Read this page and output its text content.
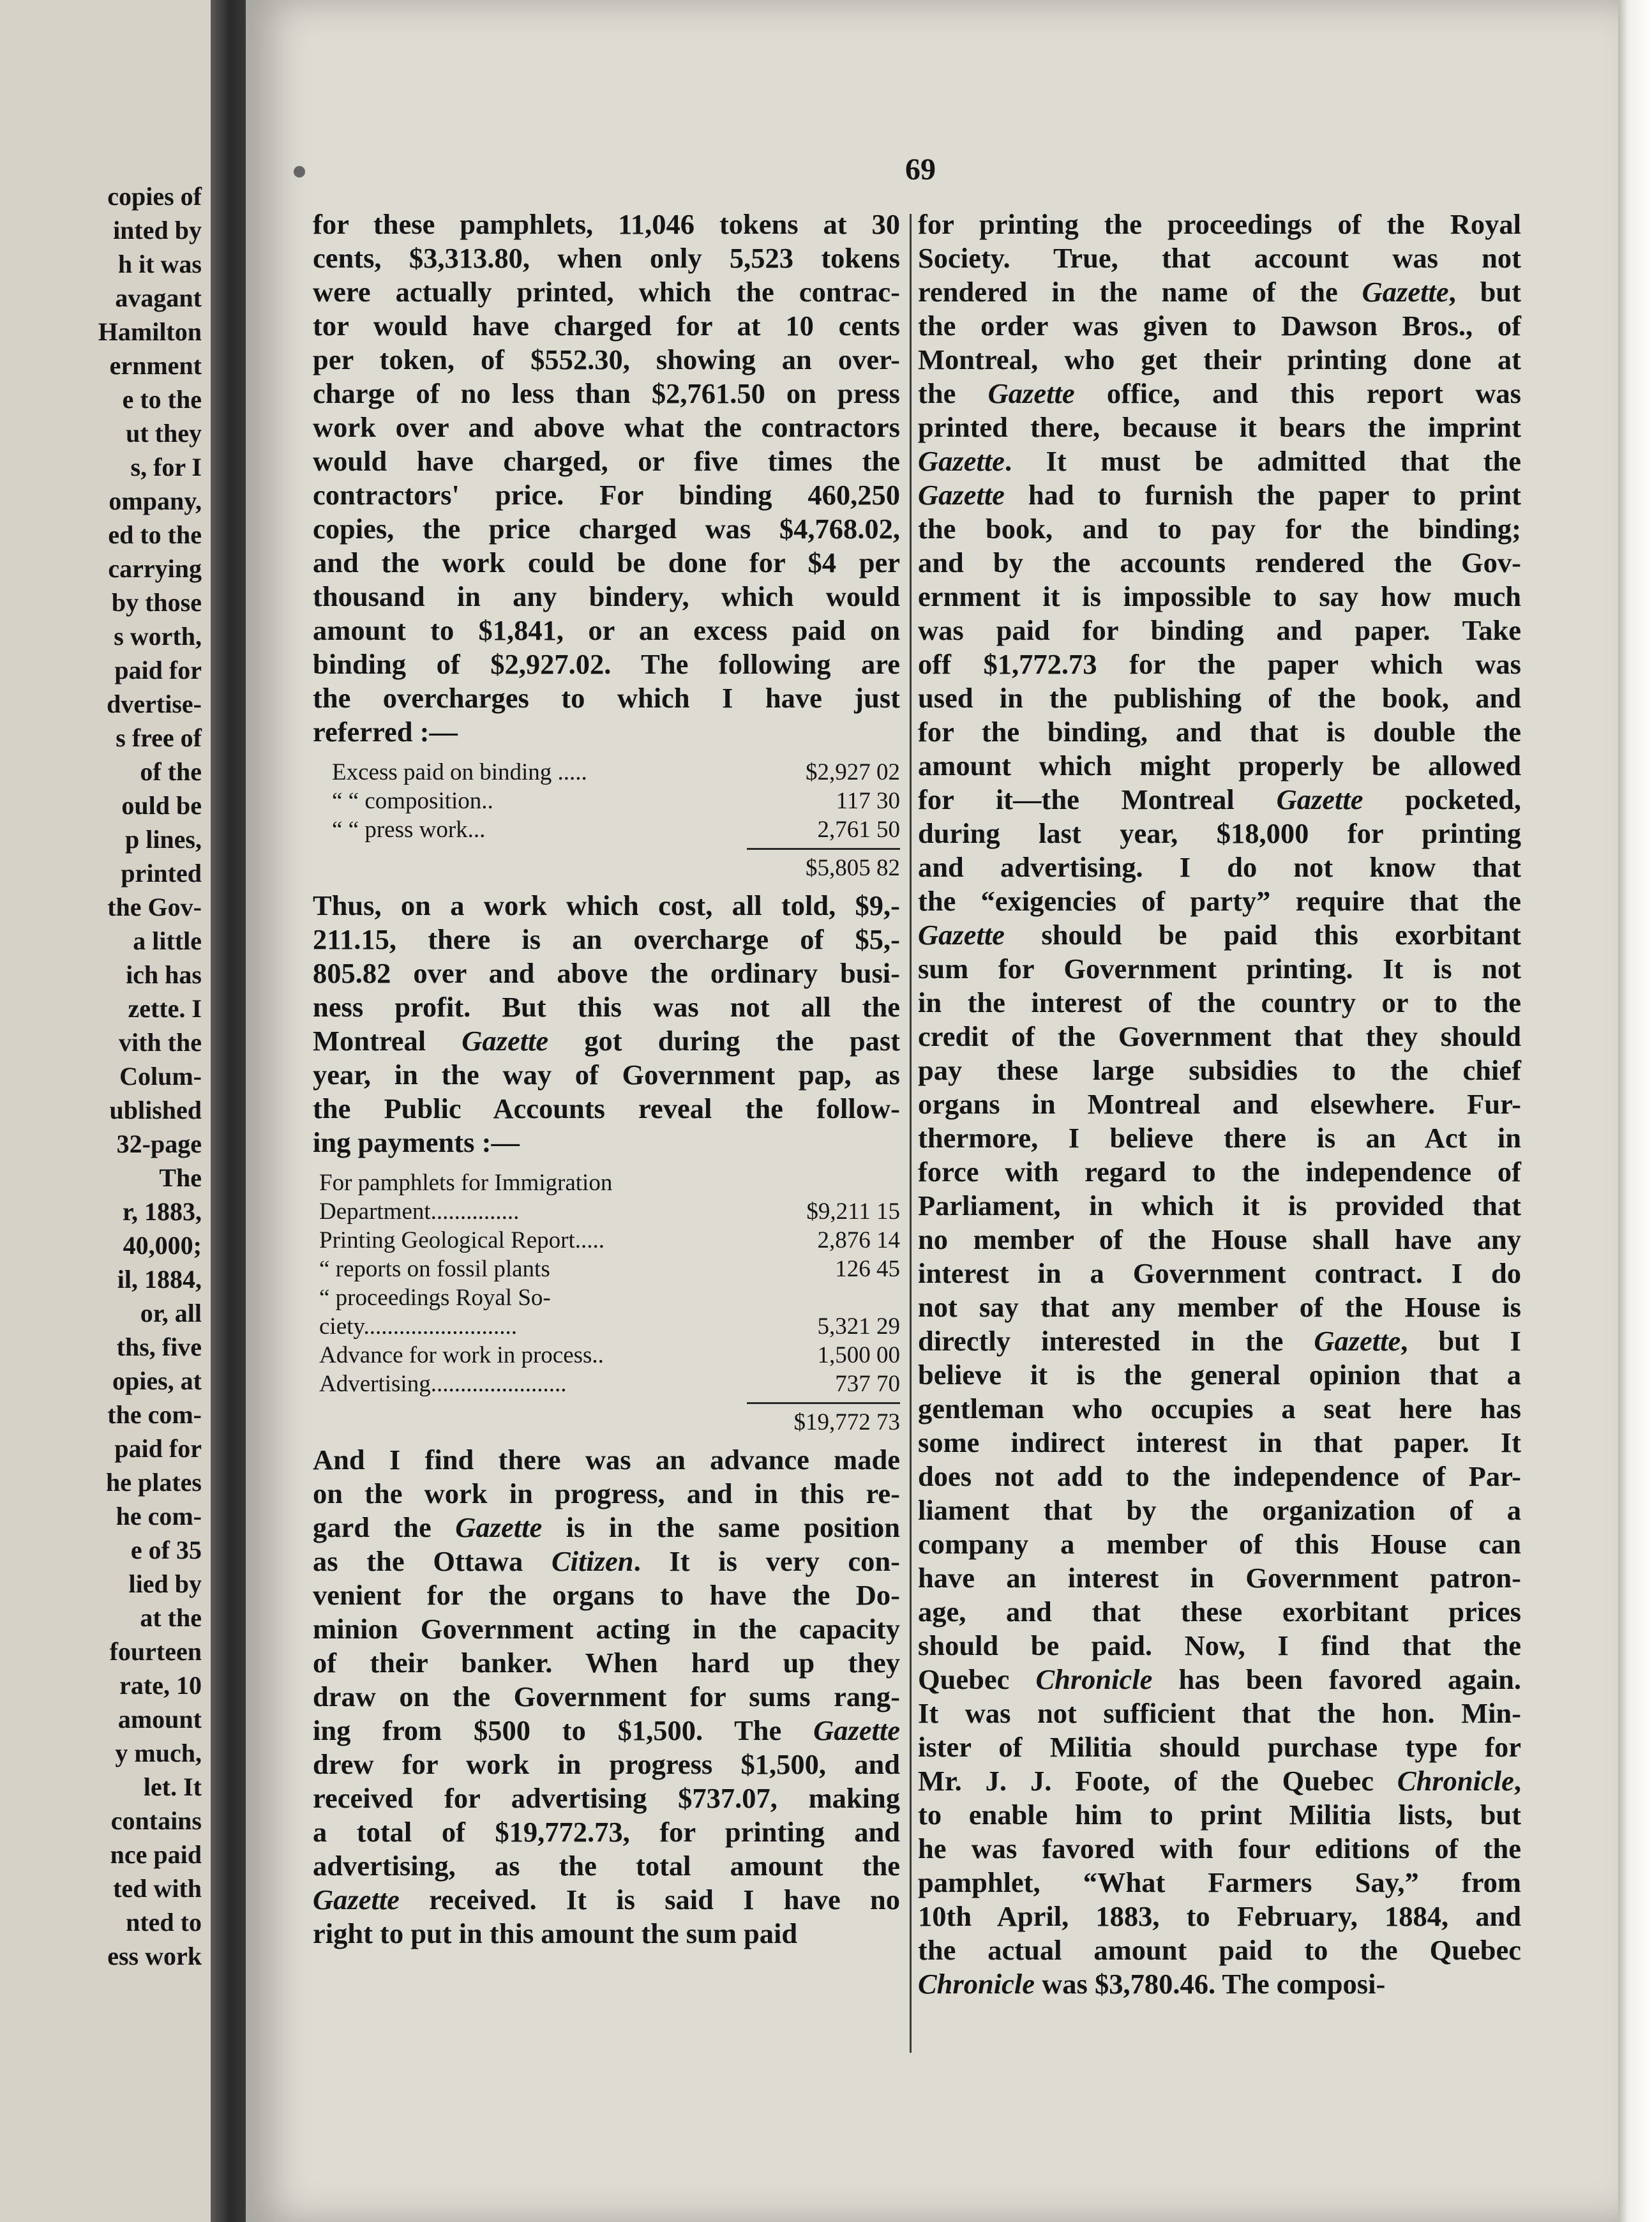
copies of
inted by
h it was
avagant
Hamilton
ernment
e to the
ut they
s, for I
ompany,
ed to the
carrying
by those
s worth,
paid for
dvertise-
s free of
of the
ould be
p lines,
printed
the Gov-
a little
ich has
zette. I
vith the
Colum-
ublished
32-page
The
r, 1883,
40,000;
il, 1884,
or, all
ths, five
opies, at
the com-
paid for
he plates
he com-
e of 35
lied by
at the
fourteen
rate, 10
amount
y much,
let. It
contains
nce paid
ted with
nted to
ess work
69

for these pamphlets, 11,046 tokens at 30
cents, $3,313.80, when only 5,523 tokens
were actually printed, which the contrac-
tor would have charged for at 10 cents
per token, of $552.30, showing an over-
charge of no less than $2,761.50 on press
work over and above what the contractors
would have charged, or five times the
contractors' price. For binding 460,250
copies, the price charged was $4,768.02,
and the work could be done for $4 per
thousand in any bindery, which would
amount to $1,841, or an excess paid on
binding of $2,927.02. The following are
the overcharges to which I have just
referred :—

Excess paid on binding .....	$2,927 02
“ “ composition..	117 30
“ “ press work...	2,761 50
$5,805 82

Thus, on a work which cost, all told, $9,-
211.15, there is an overcharge of $5,-
805.82 over and above the ordinary busi-
ness profit. But this was not all the
Montreal Gazette got during the past
year, in the way of Government pap, as
the Public Accounts reveal the follow-
ing payments :—

For pamphlets for Immigration
Department...............	$9,211 15
Printing Geological Report.....	2,876 14
“ reports on fossil plants	126 45
“ proceedings Royal So-
ciety..........................	5,321 29
Advance for work in process..	1,500 00
Advertising.......................	737 70
$19,772 73

And I find there was an advance made
on the work in progress, and in this re-
gard the Gazette is in the same position
as the Ottawa Citizen. It is very con-
venient for the organs to have the Do-
minion Government acting in the capacity
of their banker. When hard up they
draw on the Government for sums rang-
ing from $500 to $1,500. The Gazette
drew for work in progress $1,500, and
received for advertising $737.07, making
a total of $19,772.73, for printing and
advertising, as the total amount the
Gazette received. It is said I have no
right to put in this amount the sum paid

for printing the proceedings of the Royal
Society. True, that account was not
rendered in the name of the Gazette, but
the order was given to Dawson Bros., of
Montreal, who get their printing done at
the Gazette office, and this report was
printed there, because it bears the imprint
Gazette. It must be admitted that the
Gazette had to furnish the paper to print
the book, and to pay for the binding;
and by the accounts rendered the Gov-
ernment it is impossible to say how much
was paid for binding and paper. Take
off $1,772.73 for the paper which was
used in the publishing of the book, and
for the binding, and that is double the
amount which might properly be allowed
for it—the Montreal Gazette pocketed,
during last year, $18,000 for printing
and advertising. I do not know that
the “exigencies of party” require that the
Gazette should be paid this exorbitant
sum for Government printing. It is not
in the interest of the country or to the
credit of the Government that they should
pay these large subsidies to the chief
organs in Montreal and elsewhere. Fur-
thermore, I believe there is an Act in
force with regard to the independence of
Parliament, in which it is provided that
no member of the House shall have any
interest in a Government contract. I do
not say that any member of the House is
directly interested in the Gazette, but I
believe it is the general opinion that a
gentleman who occupies a seat here has
some indirect interest in that paper. It
does not add to the independence of Par-
liament that by the organization of a
company a member of this House can
have an interest in Government patron-
age, and that these exorbitant prices
should be paid. Now, I find that the
Quebec Chronicle has been favored again.
It was not sufficient that the hon. Min-
ister of Militia should purchase type for
Mr. J. J. Foote, of the Quebec Chronicle,
to enable him to print Militia lists, but
he was favored with four editions of the
pamphlet, “What Farmers Say,” from
10th April, 1883, to February, 1884, and
the actual amount paid to the Quebec
Chronicle was $3,780.46. The composi-
